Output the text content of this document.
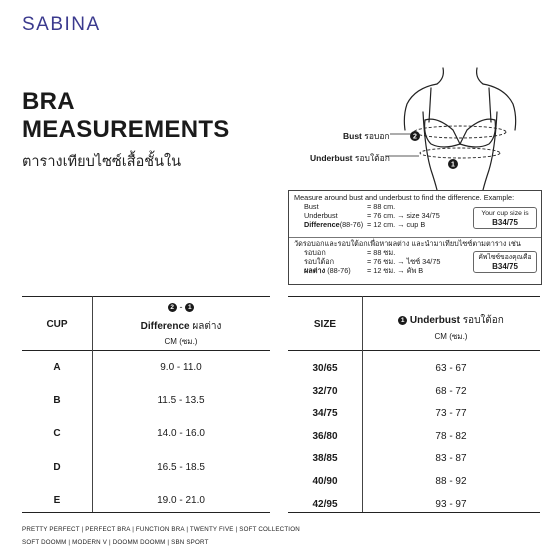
SABINA
BRA
MEASUREMENTS
ตารางเทียบไซซ์เสื้อชั้นใน
2
1
Bust รอบอก
Underbust รอบใต้อก
Measure around bust and underbust to find the difference. Example:
Bust	= 88 cm.
Underbust	= 76 cm. → size 34/75
Difference(88-76) = 12 cm. → cup B
Your cup size is
B34/75
วัดรอบอกและรอบใต้อกเพื่อหาผลต่าง และนำมาเทียบไซซ์ตามตาราง เช่น
รอบอก	= 88 ซม.
รอบใต้อก	= 76 ซม. → ไซซ์ 34/75
ผลต่าง (88-76) = 12 ซม. → คัพ B
คัพไซซ์ของคุณคือ
B34/75
CUP
2 - 1
Difference ผลต่าง
CM (ซม.)
A	9.0 - 11.0
B	11.5 - 13.5
C	14.0 - 16.0
D	16.5 - 18.5
E	19.0 - 21.0
SIZE	1 Underbust รอบใต้อก
CM (ซม.)
30/65	63 - 67
32/70	68 - 72
34/75	73 - 77
36/80	78 - 82
38/85	83 - 87
40/90	88 - 92
42/95	93 - 97
PRETTY PERFECT | PERFECT BRA | FUNCTION BRA | TWENTY FIVE | SOFT COLLECTION
SOFT DOOMM | MODERN V | DOOMM DOOMM | SBN SPORT
